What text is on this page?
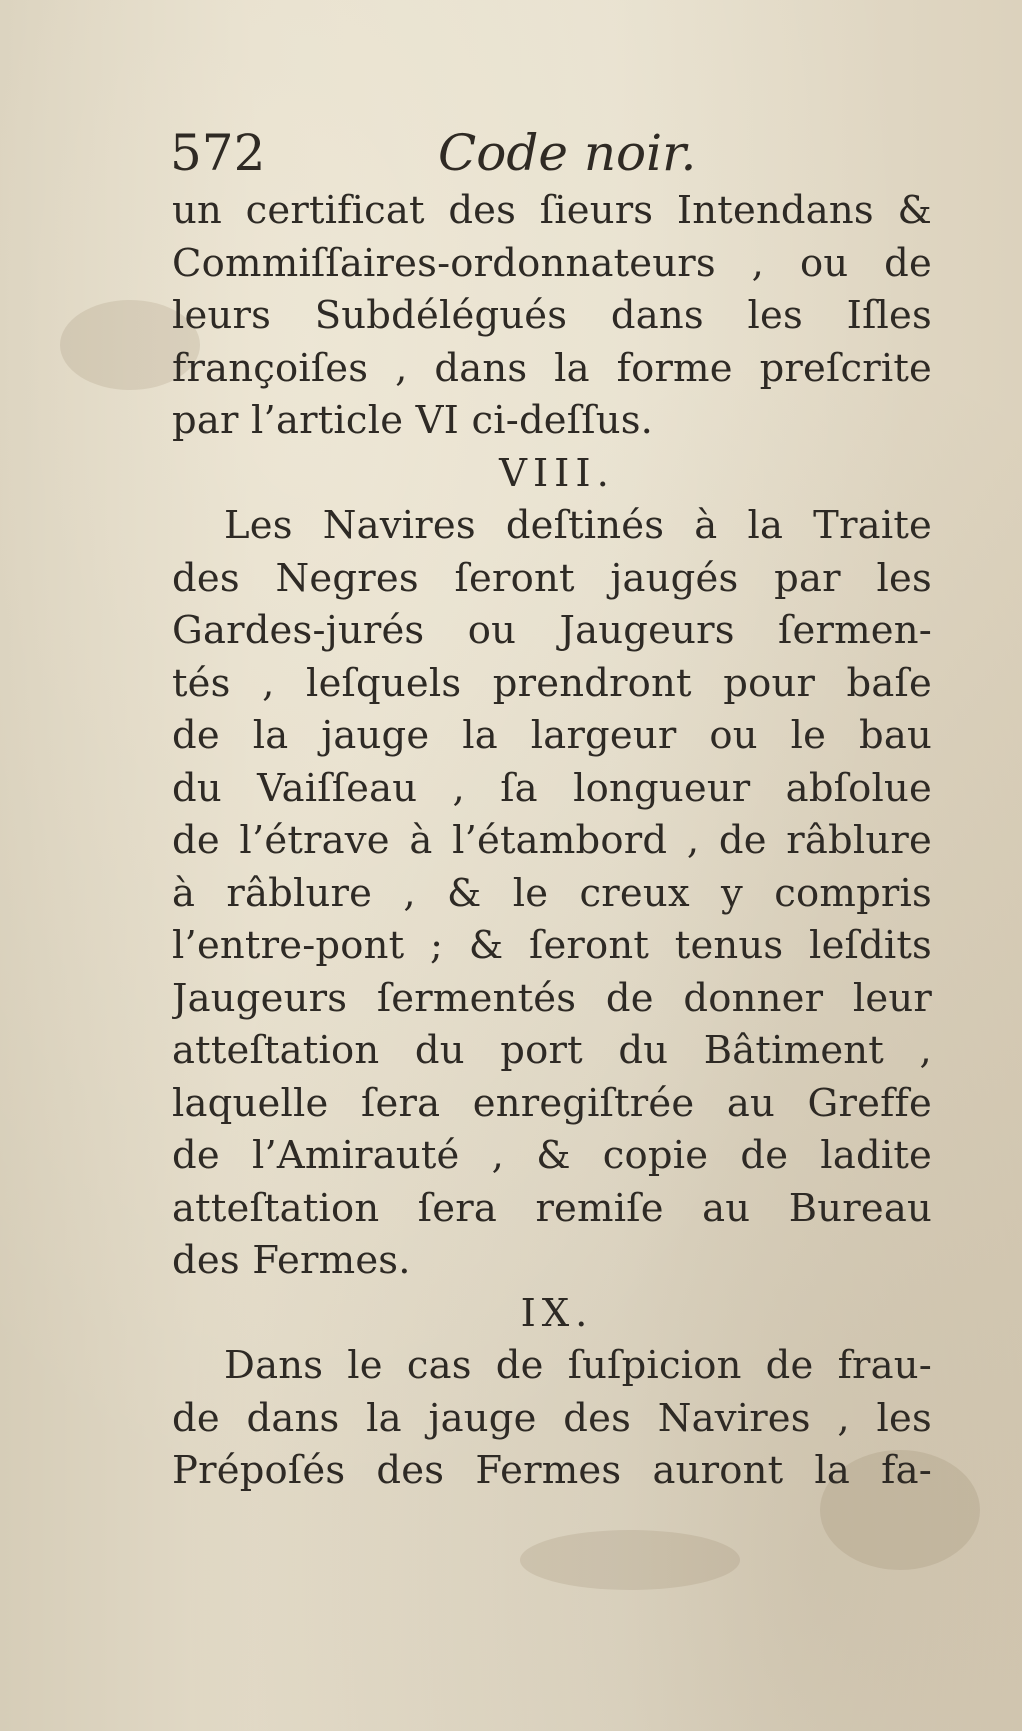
572	Code noir.
un certificat des ſieurs Intendans &
Commiſſaires-ordonnateurs , ou de
leurs Subdélégués dans les Iſles
françoiſes , dans la forme preſcrite
par l’article VI ci-deſſus.
VIII.
Les Navires deſtinés à la Traite
des Negres ſeront jaugés par les
Gardes-jurés ou Jaugeurs ſermen-
tés , leſquels prendront pour baſe
de la jauge la largeur ou le bau
du Vaiſſeau , ſa longueur abſolue
de l’étrave à l’étambord , de râblure
à râblure , & le creux y compris
l’entre-pont ; & ſeront tenus leſdits
Jaugeurs ſermentés de donner leur
atteſtation du port du Bâtiment ,
laquelle ſera enregiſtrée au Greffe
de l’Amirauté , & copie de ladite
atteſtation ſera remiſe au Bureau
des Fermes.
IX.
Dans le cas de ſuſpicion de frau-
de dans la jauge des Navires , les
Prépoſés des Fermes auront la fa-
